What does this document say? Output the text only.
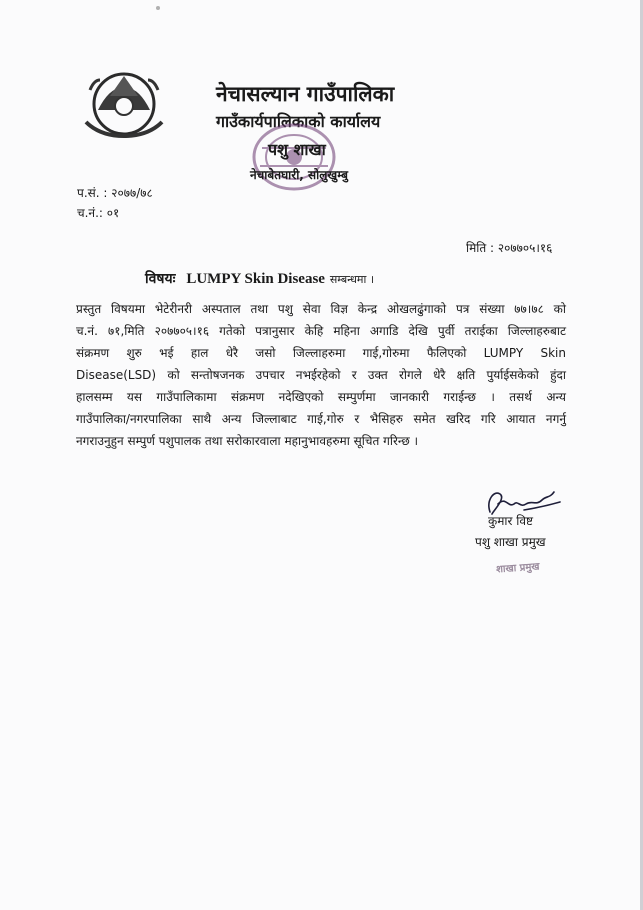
नेचासल्यान गाउँपालिका
गाउँकार्यपालिकाको कार्यालय
पशु शाखा
नेचाबेतघारी, सोलुखुम्बु
प.सं. : २०७७/७८
च.नं.: ०१
मिति : २०७७०५।१६
विषयः LUMPY Skin Disease सम्बन्धमा ।
प्रस्तुत विषयमा भेटेरीनरी अस्पताल तथा पशु सेवा विज्ञ केन्द्र ओखलढुंगाको पत्र संख्या ७७।७८ को
च.नं. ७१,मिति २०७७०५।१६ गतेको पत्रानुसार केहि महिना अगाडि देखि पुर्वी तराईका जिल्लाहरुबाट
संक्रमण शुरु भई हाल धेरै जसो जिल्लाहरुमा गाई,गोरुमा फैलिएको LUMPY Skin
Disease(LSD) को सन्तोषजनक उपचार नभईरहेको र उक्त रोगले धेरै क्षति पुर्याईसकेको हुंदा
हालसम्म यस गाउँपालिकामा संक्रमण नदेखिएको सम्पुर्णमा जानकारी गराईन्छ । तसर्थ अन्य
गाउँपालिका/नगरपालिका साथै अन्य जिल्लाबाट गाई,गोरु र भैसिहरु समेत खरिद गरि आयात नगर्नु
नगराउनुहुन सम्पुर्ण पशुपालक तथा सरोकारवाला महानुभावहरुमा सूचित गरिन्छ ।
कुमार विष्ट
पशु शाखा प्रमुख
शाखा प्रमुख
